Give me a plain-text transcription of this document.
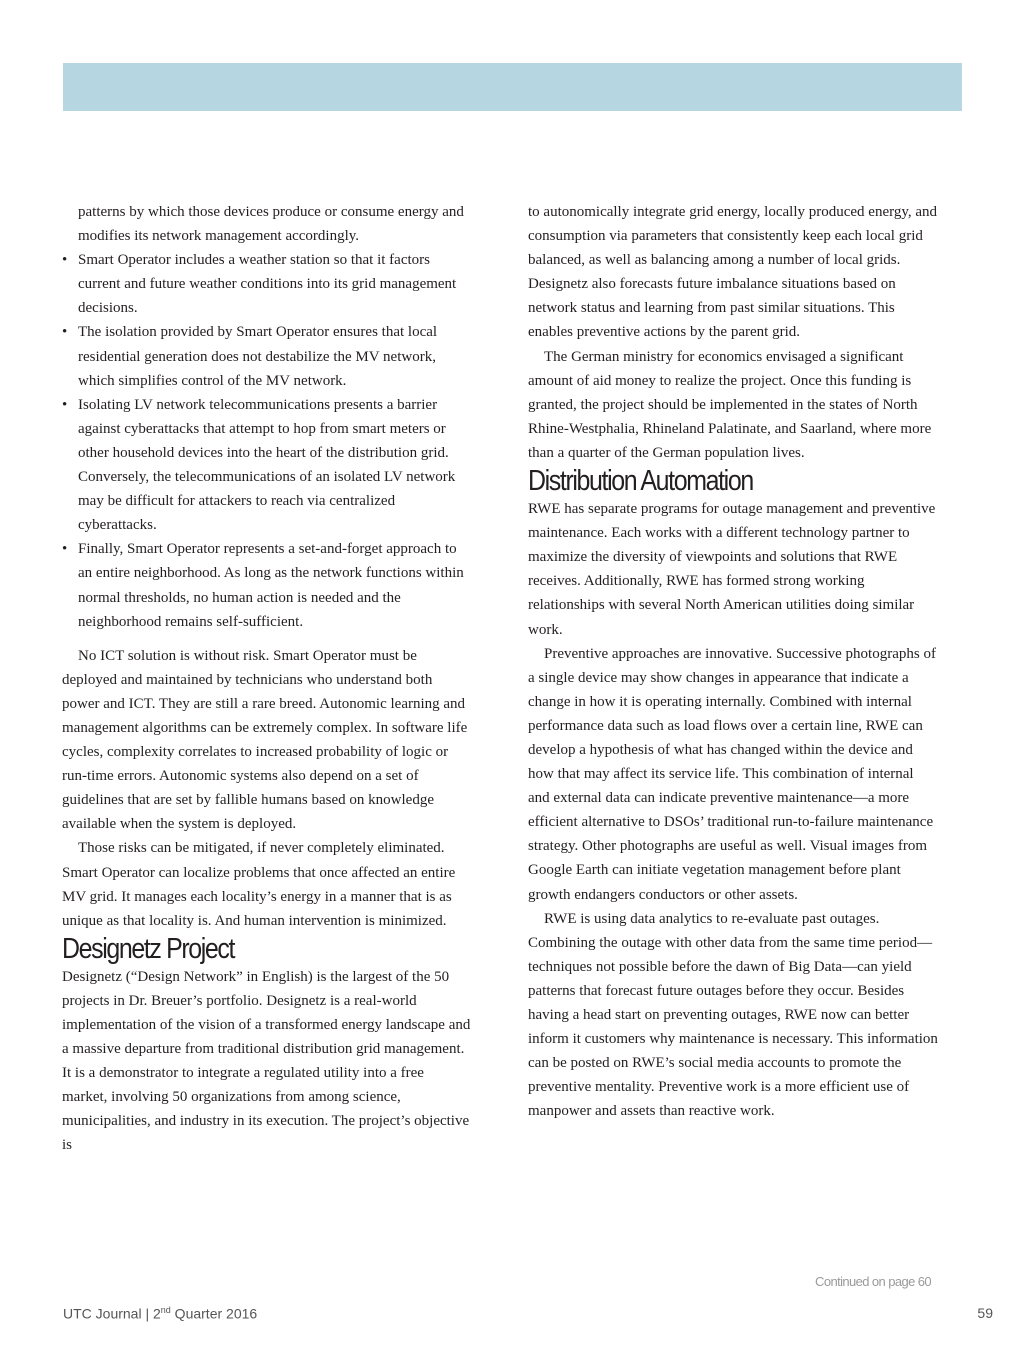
patterns by which those devices produce or consume energy and modifies its network management accordingly.

• Smart Operator includes a weather station so that it factors current and future weather conditions into its grid management decisions.
• The isolation provided by Smart Operator ensures that local residential generation does not destabilize the MV network, which simplifies control of the MV network.
• Isolating LV network telecommunications presents a barrier against cyberattacks that attempt to hop from smart meters or other household devices into the heart of the distribution grid. Conversely, the telecommunications of an isolated LV network may be difficult for attackers to reach via centralized cyberattacks.
• Finally, Smart Operator represents a set-and-forget approach to an entire neighborhood. As long as the network functions within normal thresholds, no human action is needed and the neighborhood remains self-sufficient.

No ICT solution is without risk. Smart Operator must be deployed and maintained by technicians who understand both power and ICT. They are still a rare breed. Autonomic learning and management algorithms can be extremely complex. In software life cycles, complexity correlates to increased probability of logic or run-time errors. Autonomic systems also depend on a set of guidelines that are set by fallible humans based on knowledge available when the system is deployed.

Those risks can be mitigated, if never completely eliminated. Smart Operator can localize problems that once affected an entire MV grid. It manages each locality’s energy in a manner that is as unique as that locality is. And human intervention is minimized.

Designetz Project

Designetz (“Design Network” in English) is the largest of the 50 projects in Dr. Breuer’s portfolio. Designetz is a real-world implementation of the vision of a transformed energy landscape and a massive departure from traditional distribution grid management. It is a demonstrator to integrate a regulated utility into a free market, involving 50 organizations from among science, municipalities, and industry in its execution. The project’s objective is

to autonomically integrate grid energy, locally produced energy, and consumption via parameters that consistently keep each local grid balanced, as well as balancing among a number of local grids. Designetz also forecasts future imbalance situations based on network status and learning from past similar situations. This enables preventive actions by the parent grid.

The German ministry for economics envisaged a significant amount of aid money to realize the project. Once this funding is granted, the project should be implemented in the states of North Rhine-Westphalia, Rhineland Palatinate, and Saarland, where more than a quarter of the German population lives.

Distribution Automation

RWE has separate programs for outage management and preventive maintenance. Each works with a different technology partner to maximize the diversity of viewpoints and solutions that RWE receives. Additionally, RWE has formed strong working relationships with several North American utilities doing similar work.

Preventive approaches are innovative. Successive photographs of a single device may show changes in appearance that indicate a change in how it is operating internally. Combined with internal performance data such as load flows over a certain line, RWE can develop a hypothesis of what has changed within the device and how that may affect its service life. This combination of internal and external data can indicate preventive maintenance—a more efficient alternative to DSOs’ traditional run-to-failure maintenance strategy. Other photographs are useful as well. Visual images from Google Earth can initiate vegetation management before plant growth endangers conductors or other assets.

RWE is using data analytics to re-evaluate past outages. Combining the outage with other data from the same time period—techniques not possible before the dawn of Big Data—can yield patterns that forecast future outages before they occur. Besides having a head start on preventing outages, RWE now can better inform it customers why maintenance is necessary. This information can be posted on RWE’s social media accounts to promote the preventive mentality. Preventive work is a more efficient use of manpower and assets than reactive work.

Continued on page 60
UTC Journal | 2nd Quarter 2016	59
